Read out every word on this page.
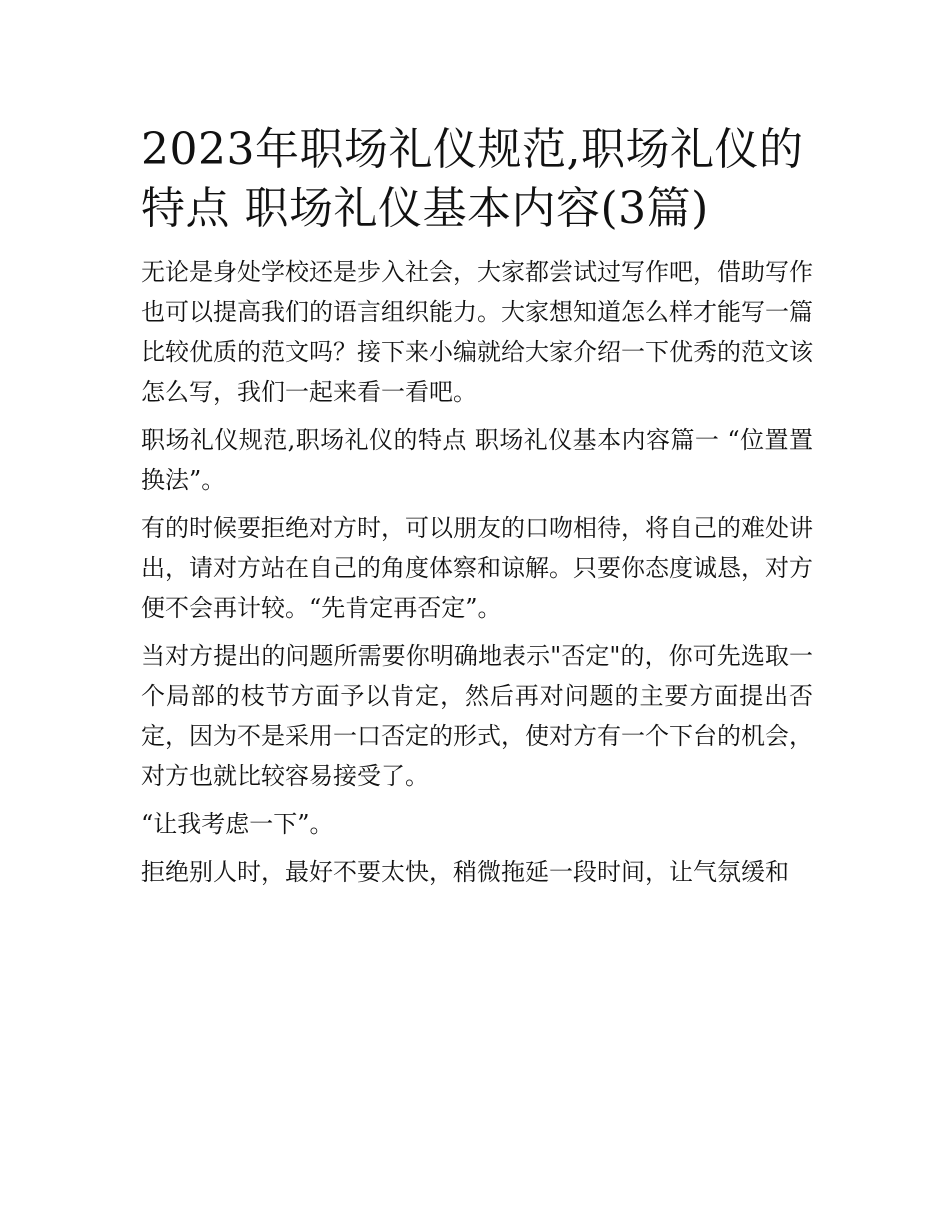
2023年职场礼仪规范,职场礼仪的特点 职场礼仪基本内容(3篇)

无论是身处学校还是步入社会，大家都尝试过写作吧，借助写作也可以提高我们的语言组织能力。大家想知道怎么样才能写一篇比较优质的范文吗？接下来小编就给大家介绍一下优秀的范文该怎么写，我们一起来看一看吧。

职场礼仪规范,职场礼仪的特点 职场礼仪基本内容篇一 “位置置换法”。

有的时候要拒绝对方时，可以朋友的口吻相待，将自己的难处讲出，请对方站在自己的角度体察和谅解。只要你态度诚恳，对方便不会再计较。“先肯定再否定”。

当对方提出的问题所需要你明确地表示"否定"的，你可先选取一个局部的枝节方面予以肯定，然后再对问题的主要方面提出否定，因为不是采用一口否定的形式，使对方有一个下台的机会，对方也就比较容易接受了。

“让我考虑一下”。

拒绝别人时，最好不要太快，稍微拖延一段时间，让气氛缓和
